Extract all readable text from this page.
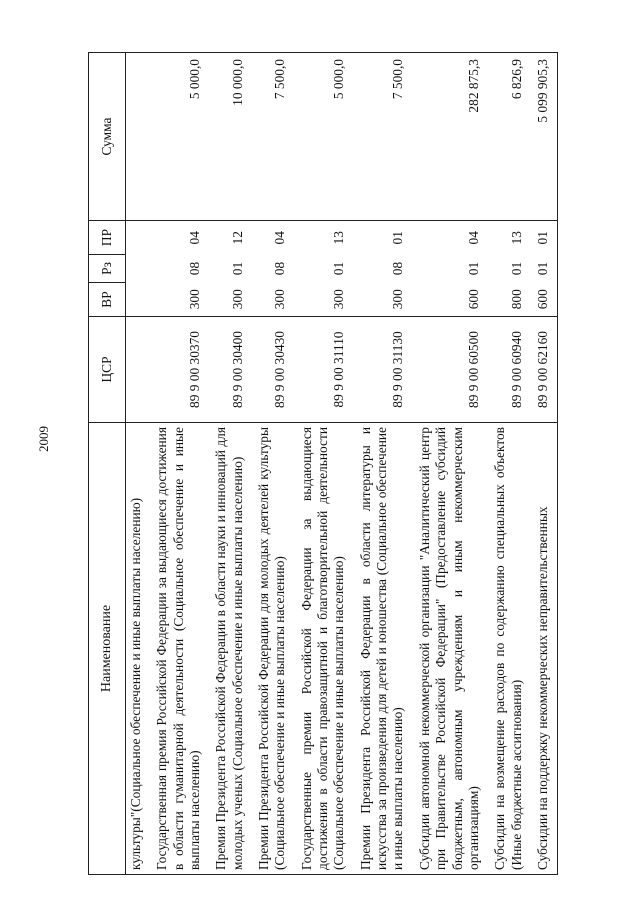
2009
Наименование	ЦСР	ВР	Рз	ПР	Сумма
культуры"(Социальное обеспечение и иные выплаты населению)					
Государственная премия Российской Федерации за выдающиеся достижения в области гуманитарной деятельности (Социальное обеспечение и иные выплаты населению)	89 9 00 30370	300	08	04	5 000,0
Премия Президента Российской Федерации в области науки и инноваций для молодых ученых (Социальное обеспечение и иные выплаты населению)	89 9 00 30400	300	01	12	10 000,0
Премии Президента Российской Федерации для молодых деятелей культуры (Социальное обеспечение и иные выплаты населению)	89 9 00 30430	300	08	04	7 500,0
Государственные премии Российской Федерации за выдающиеся достижения в области правозащитной и благотворительной деятельности (Социальное обеспечение и иные выплаты населению)	89 9 00 31110	300	01	13	5 000,0
Премии Президента Российской Федерации в области литературы и искусства за произведения для детей и юношества (Социальное обеспечение и иные выплаты населению)	89 9 00 31130	300	08	01	7 500,0
Субсидии автономной некоммерческой организации "Аналитический центр при Правительстве Российской Федерации" (Предоставление субсидий бюджетным, автономным учреждениям и иным некоммерческим организациям)	89 9 00 60500	600	01	04	282 875,3
Субсидии на возмещение расходов по содержанию специальных объектов (Иные бюджетные ассигнования)	89 9 00 60940	800	01	13	6 826,9
Субсидии на поддержку некоммерческих неправительственных	89 9 00 62160	600	01	01	5 099 905,3
